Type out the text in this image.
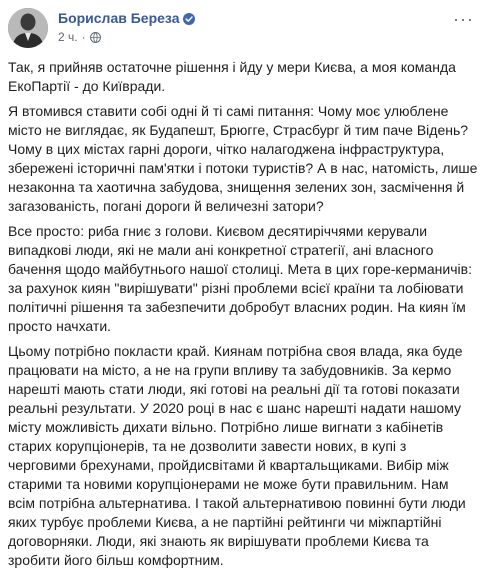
Борислав Береза
2 ч. ·
···

Так, я прийняв остаточне рішення і йду у мери Києва, а моя команда ЕкоПартії - до Київради.

Я втомився ставити собі одні й ті самі питання: Чому моє улюблене місто не виглядає, як Будапешт, Брюгге, Страсбург й тим паче Відень? Чому в цих містах гарні дороги, чітко налагоджена інфраструктура, збережені історичні пам'ятки і потоки туристів? А в нас, натомість, лише незаконна та хаотична забудова, знищення зелених зон, засмічення й загазованість, погані дороги й величезні затори?

Все просто: риба гниє з голови. Києвом десятиріччями керували випадкові люди, які не мали ані конкретної стратегії, ані власного бачення щодо майбутнього нашої столиці. Мета в цих горе-керманичів: за рахунок киян "вирішувати" різні проблеми всієї країни та лобіювати політичні рішення та забезпечити добробут власних родин. На киян їм просто начхати.

Цьому потрібно покласти край. Киянам потрібна своя влада, яка буде працювати на місто, а не на групи впливу та забудовників. За кермо нарешті мають стати люди, які готові на реальні дії та готові показати реальні результати. У 2020 році в нас є шанс нарешті надати нашому місту можливість дихати вільно. Потрібно лише вигнати з кабінетів старих корупціонерів, та не дозволити завести нових, в купі з черговими брехунами, пройдисвітами й квартальщиками. Вибір між старими та новими корупціонерами не може бути правильним. Нам всім потрібна альтернатива. І такой альтернативою повинні бути люди яких турбує проблеми Києва, а не партійні рейтинги чи міжпартійні договорняки. Люди, які знають як вирішувати проблеми Києва та зробити його більш комфортним.
